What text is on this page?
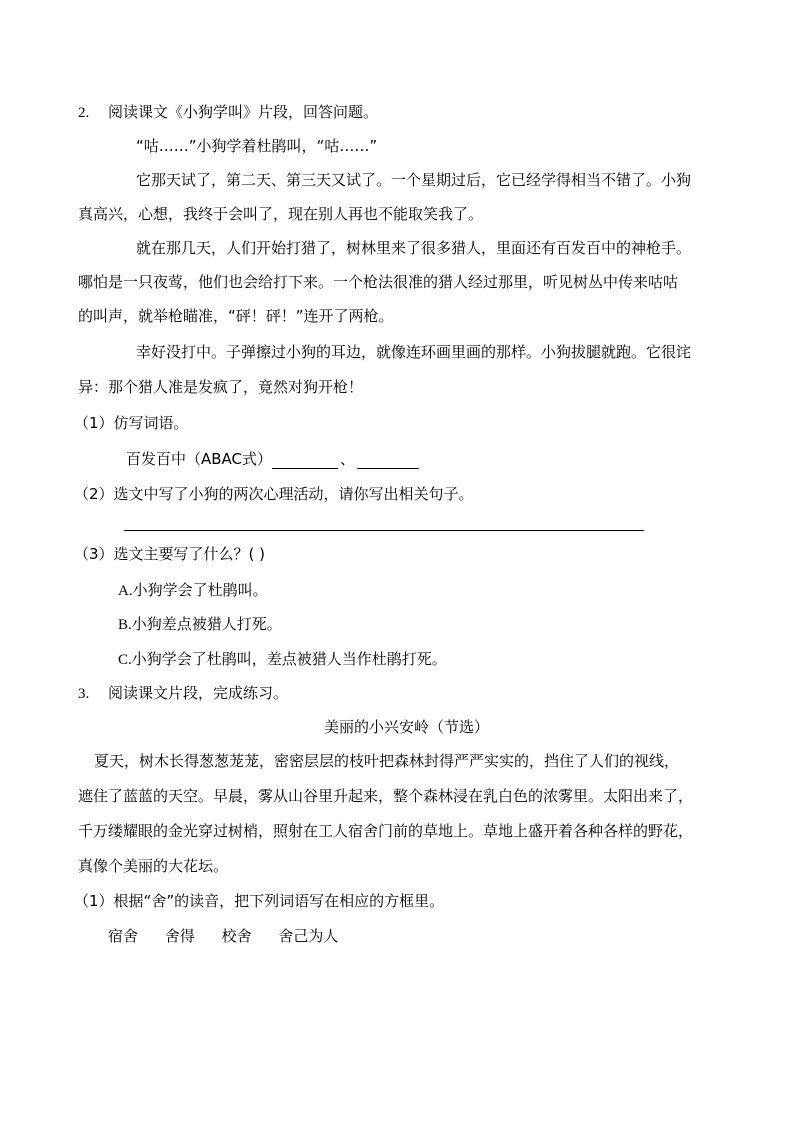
2. 阅读课文《小狗学叫》片段，回答问题。
“咕……”小狗学着杜鹃叫，“咕……”
它那天试了，第二天、第三天又试了。一个星期过后，它已经学得相当不错了。小狗
真高兴，心想，我终于会叫了，现在别人再也不能取笑我了。
就在那几天，人们开始打猎了，树林里来了很多猎人，里面还有百发百中的神枪手。
哪怕是一只夜莺，他们也会给打下来。一个枪法很准的猎人经过那里，听见树丛中传来咕咕
的叫声，就举枪瞄准，“砰！砰！”连开了两枪。
幸好没打中。子弹擦过小狗的耳边，就像连环画里画的那样。小狗拔腿就跑。它很诧
异：那个猎人准是发疯了，竟然对狗开枪！
（1）仿写词语。
百发百中（ABAC式）	、
（2）选文中写了小狗的两次心理活动，请你写出相关句子。
（3）选文主要写了什么？( )
A.小狗学会了杜鹃叫。
B.小狗差点被猎人打死。
C.小狗学会了杜鹃叫，差点被猎人当作杜鹃打死。
3. 阅读课文片段，完成练习。
美丽的小兴安岭（节选）
夏天，树木长得葱葱茏茏，密密层层的枝叶把森林封得严严实实的，挡住了人们的视线，
遮住了蓝蓝的天空。早晨，雾从山谷里升起来，整个森林浸在乳白色的浓雾里。太阳出来了，
千万缕耀眼的金光穿过树梢，照射在工人宿舍门前的草地上。草地上盛开着各种各样的野花，
真像个美丽的大花坛。
（1）根据“舍”的读音，把下列词语写在相应的方框里。
宿舍 舍得 校舍 舍己为人
